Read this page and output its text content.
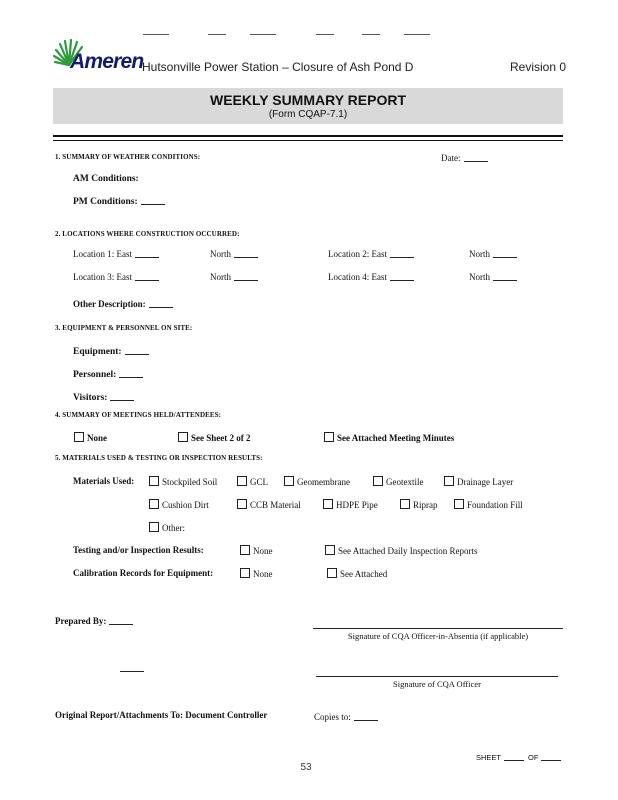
Ameren
Hutsonville Power Station – Closure of Ash Pond D	Revision 0
WEEKLY SUMMARY REPORT
(Form CQAP-7.1)
1. SUMMARY OF WEATHER CONDITIONS:	Date:
AM Conditions:
PM Conditions:
2. LOCATIONS WHERE CONSTRUCTION OCCURRED:
Location 1: East	North	Location 2: East	North
Location 3: East	North	Location 4: East	North
Other Description:
3. EQUIPMENT & PERSONNEL ON SITE:
Equipment:
Personnel:
Visitors:
4. SUMMARY OF MEETINGS HELD/ATTENDEES:
None	See Sheet 2 of 2	See Attached Meeting Minutes
5. MATERIALS USED & TESTING OR INSPECTION RESULTS:
Materials Used:	Stockpiled Soil	GCL	Geomembrane	Geotextile	Drainage Layer
Cushion Dirt	CCB Material	HDPE Pipe	Riprap	Foundation Fill
Other:
Testing and/or Inspection Results:	None	See Attached Daily Inspection Reports
Calibration Records for Equipment:	None	See Attached
Prepared By:
Signature of CQA Officer-in-Absentia (if applicable)
Signature of CQA Officer
Original Report/Attachments To: Document Controller	Copies to:
SHEET	OF
53
